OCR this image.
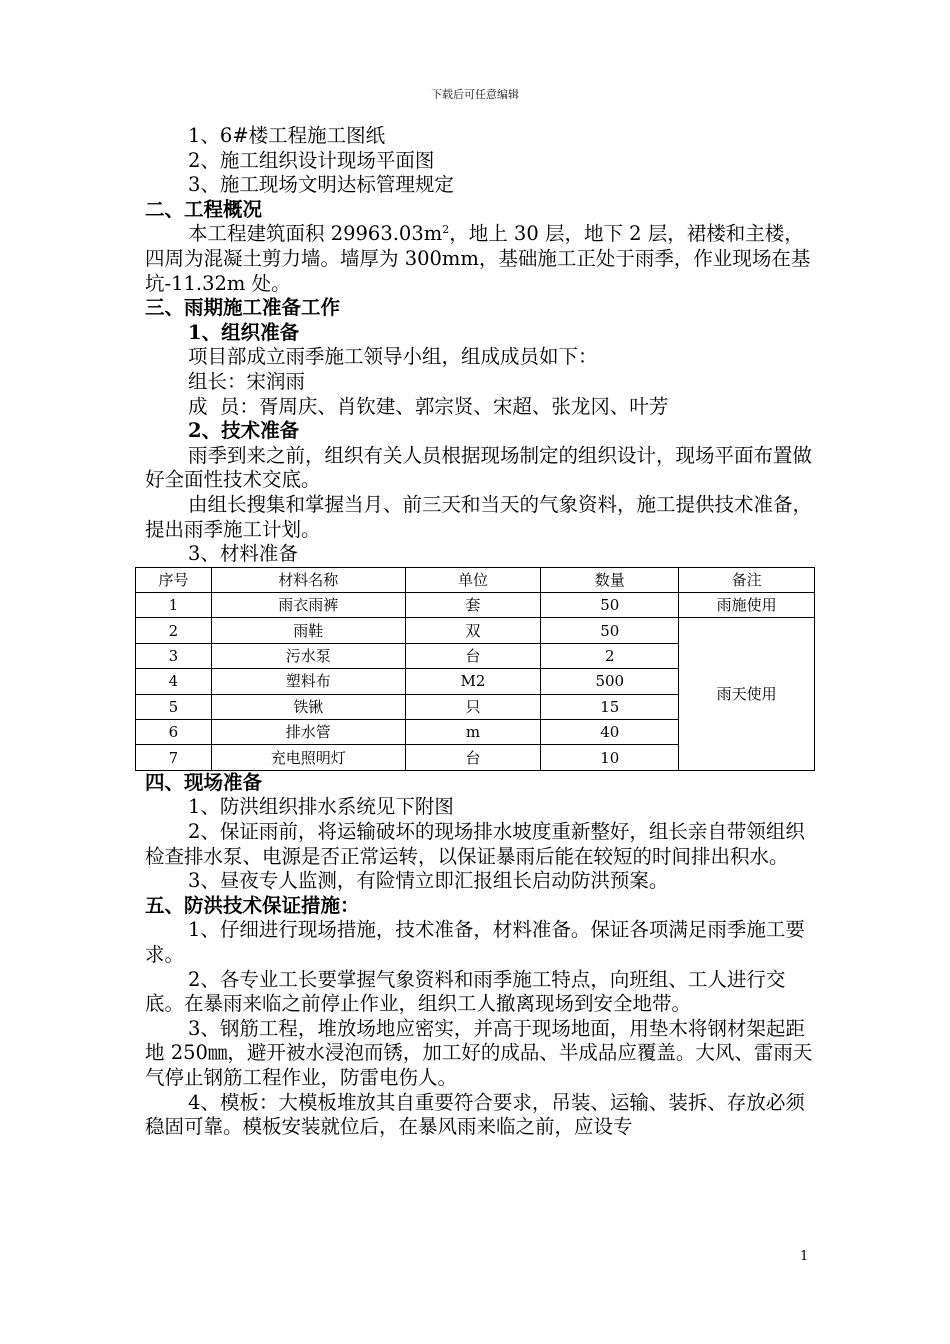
下载后可任意编辑

1、6#楼工程施工图纸

2、施工组织设计现场平面图

3、施工现场文明达标管理规定

二、工程概况

本工程建筑面积 $29963.03m^2$，地上 30 层，地下 2 层，裙楼和主楼，四周为混凝土剪力墙。墙厚为 300mm，基础施工正处于雨季，作业现场在基坑-11.32m 处。

三、雨期施工准备工作

1、组织准备

项目部成立雨季施工领导小组，组成成员如下：

组长：宋润雨

成  员：胥周庆、肖钦建、郭宗贤、宋超、张龙冈、叶芳

2、技术准备

雨季到来之前，组织有关人员根据现场制定的组织设计，现场平面布置做好全面性技术交底。

由组长搜集和掌握当月、前三天和当天的气象资料，施工提供技术准备，提出雨季施工计划。

3、材料准备

序号	材料名称	单位	数量	备注
1	雨衣雨裤	套	50	雨施使用
2	雨鞋	双	50	雨天使用
3	污水泵	台	2	
4	塑料布	M2	500	
5	铁锹	只	15	
6	排水管	m	40	
7	充电照明灯	台	10	

四、现场准备

1、防洪组织排水系统见下附图

2、保证雨前，将运输破坏的现场排水坡度重新整好，组长亲自带领组织检查排水泵、电源是否正常运转，以保证暴雨后能在较短的时间排出积水。

3、昼夜专人监测，有险情立即汇报组长启动防洪预案。

五、防洪技术保证措施：

1、仔细进行现场措施，技术准备，材料准备。保证各项满足雨季施工要求。

2、各专业工长要掌握气象资料和雨季施工特点，向班组、工人进行交底。在暴雨来临之前停止作业，组织工人撤离现场到安全地带。

3、钢筋工程，堆放场地应密实，并高于现场地面，用垫木将钢材架起距地 250㎜，避开被水浸泡而锈，加工好的成品、半成品应覆盖。大风、雷雨天气停止钢筋工程作业，防雷电伤人。

4、模板：大模板堆放其自重要符合要求，吊装、运输、装拆、存放必须稳固可靠。模板安装就位后，在暴风雨来临之前，应设专

1
